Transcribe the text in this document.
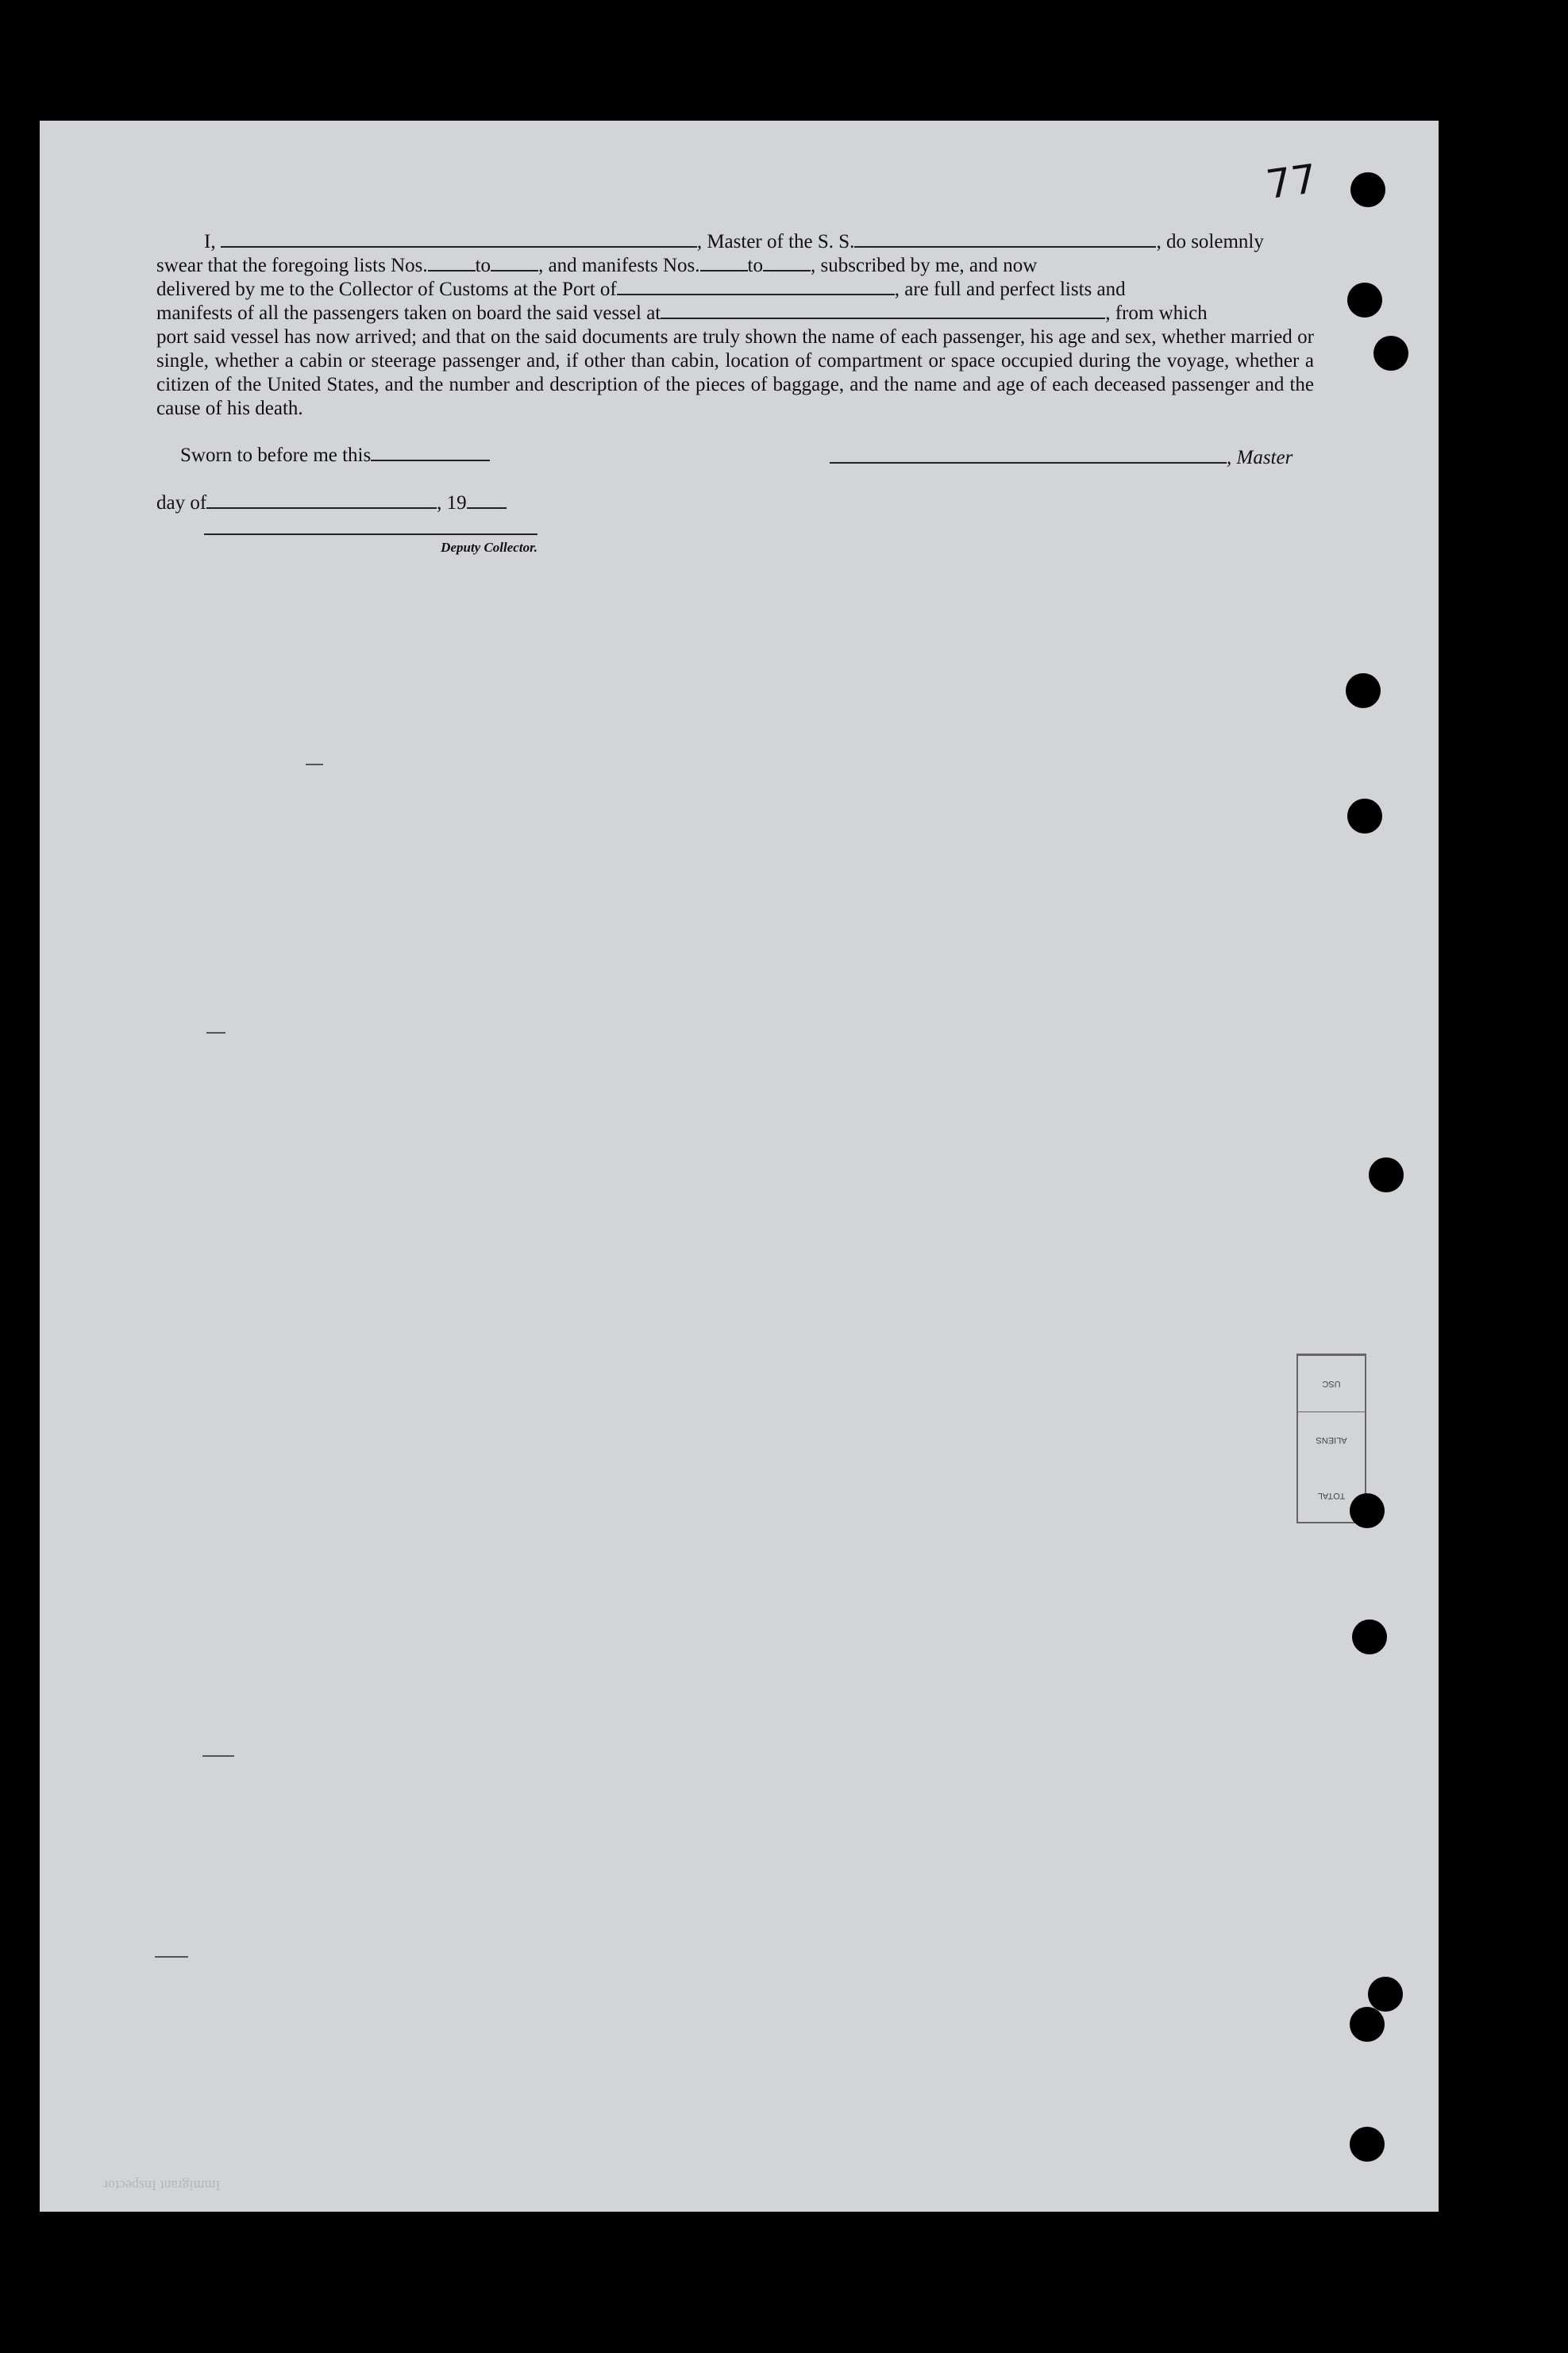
77
I,	, Master of the S. S.	, do solemnly
swear that the foregoing lists Nos. to , and manifests Nos. to , subscribed by me, and now
delivered by me to the Collector of Customs at the Port of	, are full and perfect lists and
manifests of all the passengers taken on board the said vessel at	, from which
port said vessel has now arrived; and that on the said documents are truly shown the name of each passenger, his age and sex, whether married or single, whether a cabin or steerage passenger and, if other than cabin, location of compartment or space occupied during the voyage, whether a citizen of the United States, and the number and description of the pieces of baggage, and the name and age of each deceased passenger and the cause of his death.
Sworn to before me this	, Master
day of	, 19
Deputy Collector.
USC
ALIENS
TOTAL
Immigrant Inspector
